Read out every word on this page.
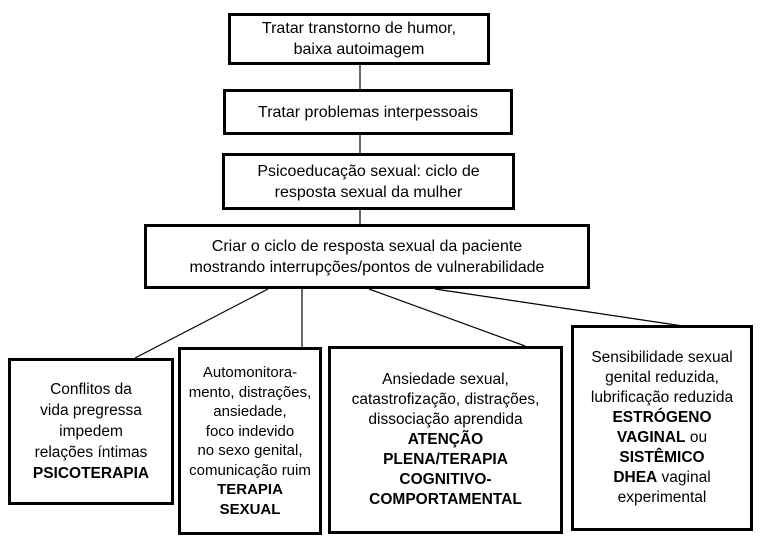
Tratar transtorno de humor,
baixa autoimagem
Tratar problemas interpessoais
Psicoeducação sexual: ciclo de
resposta sexual da mulher
Criar o ciclo de resposta sexual da paciente
mostrando interrupções/pontos de vulnerabilidade
Conflitos da
vida pregressa
impedem
relações íntimas
PSICOTERAPIA
Automonitora-
mento, distrações,
ansiedade,
foco indevido
no sexo genital,
comunicação ruim
TERAPIA
SEXUAL
Ansiedade sexual,
catastrofização, distrações,
dissociação aprendida
ATENÇÃO
PLENA/TERAPIA
COGNITIVO-
COMPORTAMENTAL
Sensibilidade sexual
genital reduzida,
lubrificação reduzida
ESTRÓGENO
VAGINAL ou
SISTÊMICO
DHEA vaginal
experimental
